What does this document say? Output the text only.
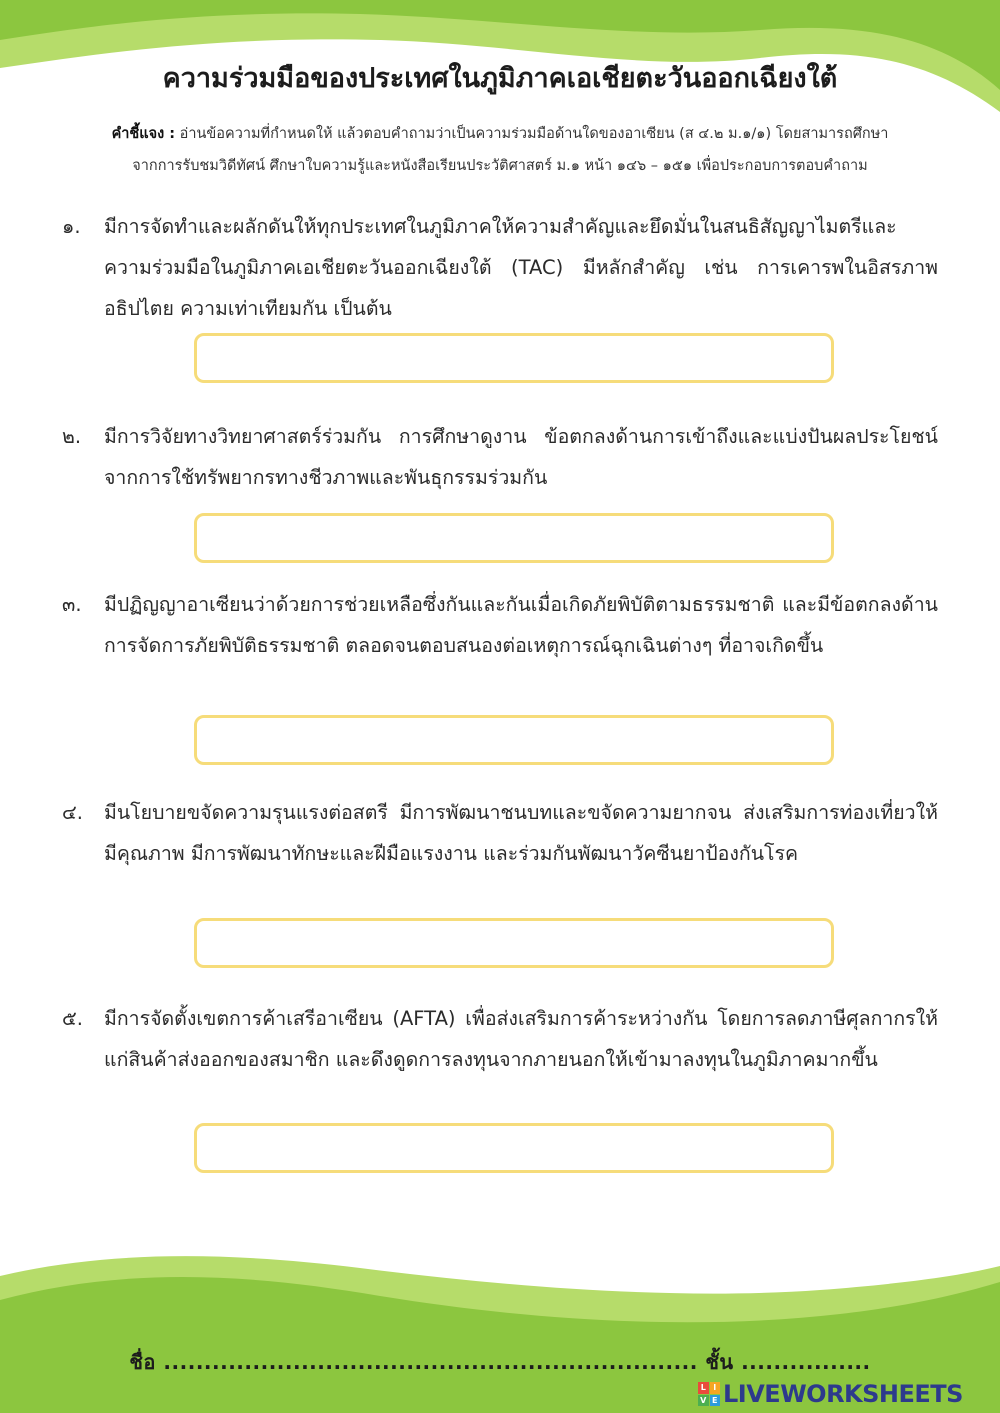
ความร่วมมือของประเทศในภูมิภาคเอเชียตะวันออกเฉียงใต้
คำชี้แจง : อ่านข้อความที่กำหนดให้ แล้วตอบคำถามว่าเป็นความร่วมมือด้านใดของอาเซียน (ส ๔.๒ ม.๑/๑) โดยสามารถศึกษา
จากการรับชมวิดีทัศน์ ศึกษาใบความรู้และหนังสือเรียนประวัติศาสตร์ ม.๑ หน้า ๑๔๖ – ๑๕๑ เพื่อประกอบการตอบคำถาม
๑.	มีการจัดทำและผลักดันให้ทุกประเทศในภูมิภาคให้ความสำคัญและยึดมั่นในสนธิสัญญาไมตรีและความร่วมมือในภูมิภาคเอเชียตะวันออกเฉียงใต้ (TAC) มีหลักสำคัญ เช่น การเคารพในอิสรภาพ อธิปไตย ความเท่าเทียมกัน เป็นต้น
๒.	มีการวิจัยทางวิทยาศาสตร์ร่วมกัน การศึกษาดูงาน ข้อตกลงด้านการเข้าถึงและแบ่งปันผลประโยชน์จากการใช้ทรัพยากรทางชีวภาพและพันธุกรรมร่วมกัน
๓.	มีปฏิญญาอาเซียนว่าด้วยการช่วยเหลือซึ่งกันและกันเมื่อเกิดภัยพิบัติตามธรรมชาติ และมีข้อตกลงด้านการจัดการภัยพิบัติธรรมชาติ ตลอดจนตอบสนองต่อเหตุการณ์ฉุกเฉินต่างๆ ที่อาจเกิดขึ้น
๔.	มีนโยบายขจัดความรุนแรงต่อสตรี มีการพัฒนาชนบทและขจัดความยากจน ส่งเสริมการท่องเที่ยวให้มีคุณภาพ มีการพัฒนาทักษะและฝีมือแรงงาน และร่วมกันพัฒนาวัคซีนยาป้องกันโรค
๕.	มีการจัดตั้งเขตการค้าเสรีอาเซียน (AFTA) เพื่อส่งเสริมการค้าระหว่างกัน โดยการลดภาษีศุลกากรให้แก่สินค้าส่งออกของสมาชิก และดึงดูดการลงทุนจากภายนอกให้เข้ามาลงทุนในภูมิภาคมากขึ้น
ชื่อ .................................................................. ชั้น ................
L I
V E LIVEWORKSHEETS
